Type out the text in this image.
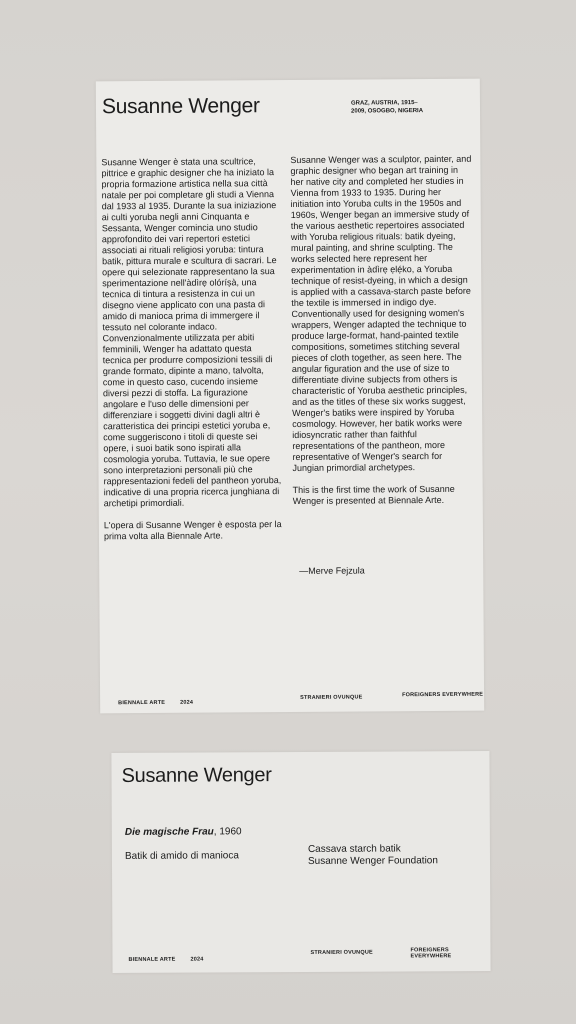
Susanne Wenger	GRAZ, AUSTRIA, 1915–
2009, OSOGBO, NIGERIA

Susanne Wenger è stata una scultrice, pittrice e graphic designer che ha iniziato la propria formazione artistica nella sua città natale per poi completare gli studi a Vienna dal 1933 al 1935. Durante la sua iniziazione ai culti yoruba negli anni Cinquanta e Sessanta, Wenger comincia uno studio approfondito dei vari repertori estetici associati ai rituali religiosi yoruba: tintura batik, pittura murale e scultura di sacrari. Le opere qui selezionate rappresentano la sua sperimentazione nell'àdìrẹ olóríṣà, una tecnica di tintura a resistenza in cui un disegno viene applicato con una pasta di amido di manioca prima di immergere il tessuto nel colorante indaco. Convenzionalmente utilizzata per abiti femminili, Wenger ha adattato questa tecnica per produrre composizioni tessili di grande formato, dipinte a mano, talvolta, come in questo caso, cucendo insieme diversi pezzi di stoffa. La figurazione angolare e l'uso delle dimensioni per differenziare i soggetti divini dagli altri è caratteristica dei principi estetici yoruba e, come suggeriscono i titoli di queste sei opere, i suoi batik sono ispirati alla cosmologia yoruba. Tuttavia, le sue opere sono interpretazioni personali più che rappresentazioni fedeli del pantheon yoruba, indicative di una propria ricerca junghiana di archetipi primordiali.

L'opera di Susanne Wenger è esposta per la prima volta alla Biennale Arte.

Susanne Wenger was a sculptor, painter, and graphic designer who began art training in her native city and completed her studies in Vienna from 1933 to 1935. During her initiation into Yoruba cults in the 1950s and 1960s, Wenger began an immersive study of the various aesthetic repertoires associated with Yoruba religious rituals: batik dyeing, mural painting, and shrine sculpting. The works selected here represent her experimentation in àdìrẹ ẹlẹ́ko, a Yoruba technique of resist-dyeing, in which a design is applied with a cassava-starch paste before the textile is immersed in indigo dye. Conventionally used for designing women's wrappers, Wenger adapted the technique to produce large-format, hand-painted textile compositions, sometimes stitching several pieces of cloth together, as seen here. The angular figuration and the use of size to differentiate divine subjects from others is characteristic of Yoruba aesthetic principles, and as the titles of these six works suggest, Wenger's batiks were inspired by Yoruba cosmology. However, her batik works were idiosyncratic rather than faithful representations of the pantheon, more representative of Wenger's search for Jungian primordial archetypes.

This is the first time the work of Susanne Wenger is presented at Biennale Arte.

—Merve Fejzula
BIENNALE ARTE	2024
STRANIERI OVUNQUE	FOREIGNERS EVERYWHERE
Susanne Wenger
Die magische Frau, 1960
Batik di amido di manioca
Cassava starch batik
Susanne Wenger Foundation
BIENNALE ARTE	2024
STRANIERI OVUNQUE	FOREIGNERS EVERYWHERE
